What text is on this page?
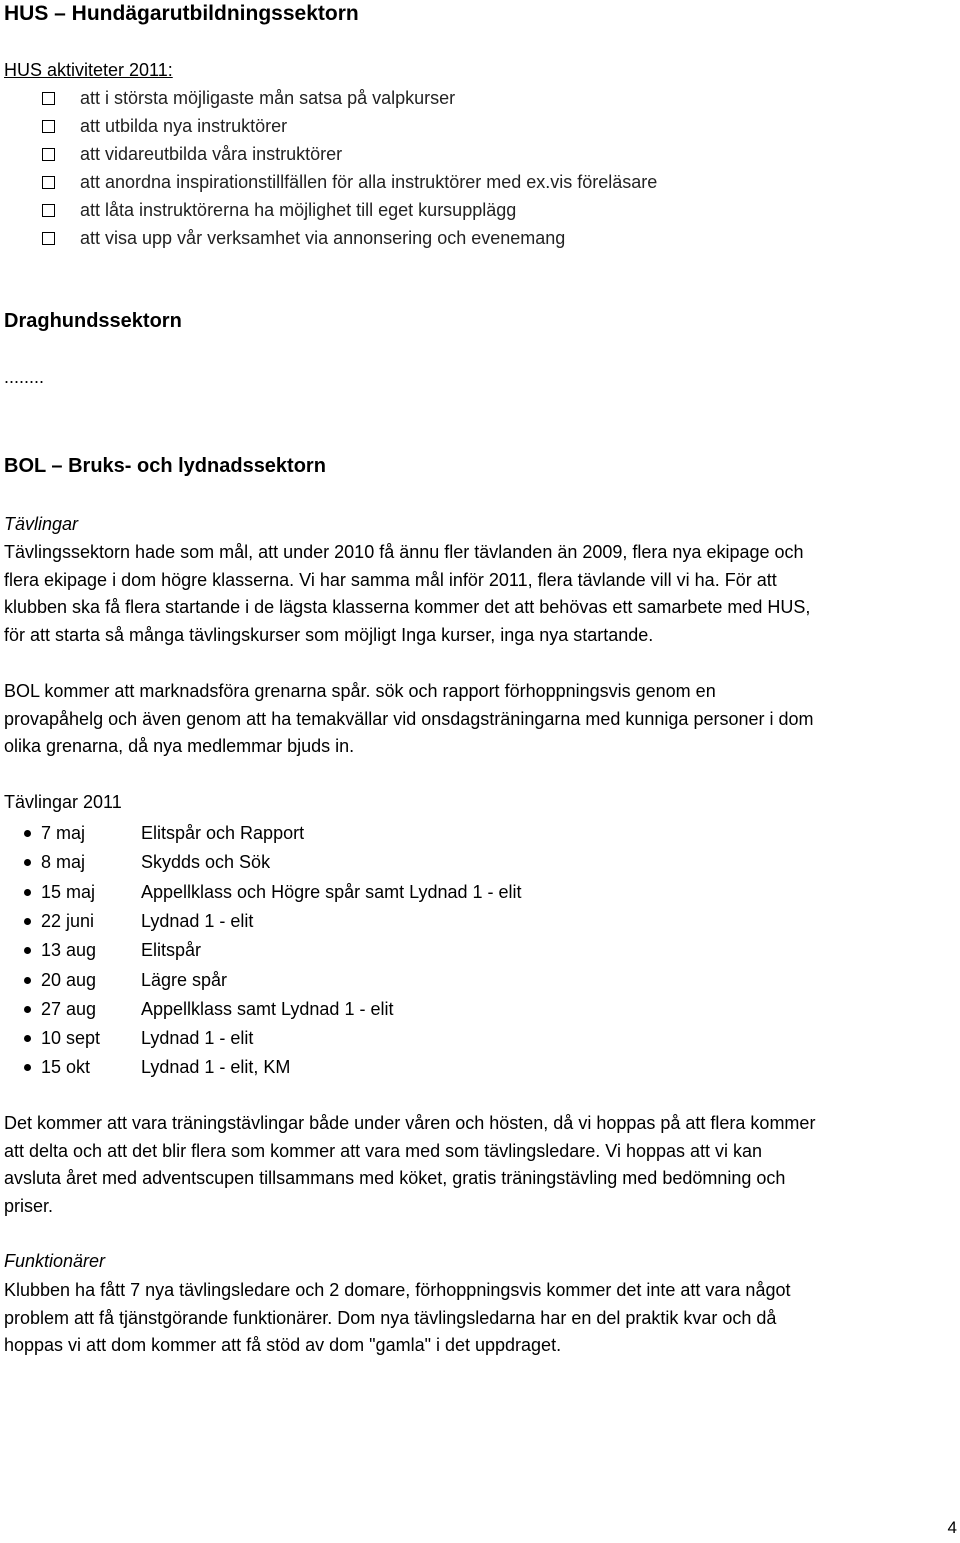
HUS – Hundägarutbildningssektorn
HUS aktiviteter 2011:
att i största möjligaste mån satsa på valpkurser
att utbilda nya instruktörer
att vidareutbilda våra instruktörer
att anordna inspirationstillfällen för alla instruktörer med ex.vis föreläsare
att låta instruktörerna ha möjlighet till eget kursupplägg
att visa upp vår verksamhet via annonsering och evenemang
Draghundssektorn
........
BOL – Bruks- och lydnadssektorn
Tävlingar
Tävlingssektorn hade som mål, att under 2010 få ännu fler tävlanden än 2009, flera nya ekipage och
flera ekipage i dom högre klasserna. Vi har samma mål inför 2011, flera tävlande vill vi ha. För att
klubben ska få flera startande i de lägsta klasserna kommer det att behövas ett samarbete med HUS,
för att starta så många tävlingskurser som möjligt Inga kurser, inga nya startande.
BOL kommer att marknadsföra grenarna spår. sök och rapport förhoppningsvis genom en
provapåhelg och även genom att ha temakvällar vid onsdagsträningarna med kunniga personer i dom
olika grenarna, då nya medlemmar bjuds in.
Tävlingar 2011
7 maj	Elitspår och Rapport
8 maj	Skydds och Sök
15 maj	Appellklass och Högre spår samt Lydnad 1 - elit
22 juni	Lydnad 1 - elit
13 aug	Elitspår
20 aug	Lägre spår
27 aug	Appellklass samt Lydnad 1 - elit
10 sept	Lydnad 1 - elit
15 okt	Lydnad 1 - elit, KM
Det kommer att vara träningstävlingar både under våren och hösten, då vi hoppas på att flera kommer
att delta och att det blir flera som kommer att vara med som tävlingsledare. Vi hoppas att vi kan
avsluta året med adventscupen tillsammans med köket, gratis träningstävling med bedömning och
priser.
Funktionärer
Klubben ha fått 7 nya tävlingsledare och 2 domare, förhoppningsvis kommer det inte att vara något
problem att få tjänstgörande funktionärer. Dom nya tävlingsledarna har en del praktik kvar och då
hoppas vi att dom kommer att få stöd av dom "gamla" i det uppdraget.
4
